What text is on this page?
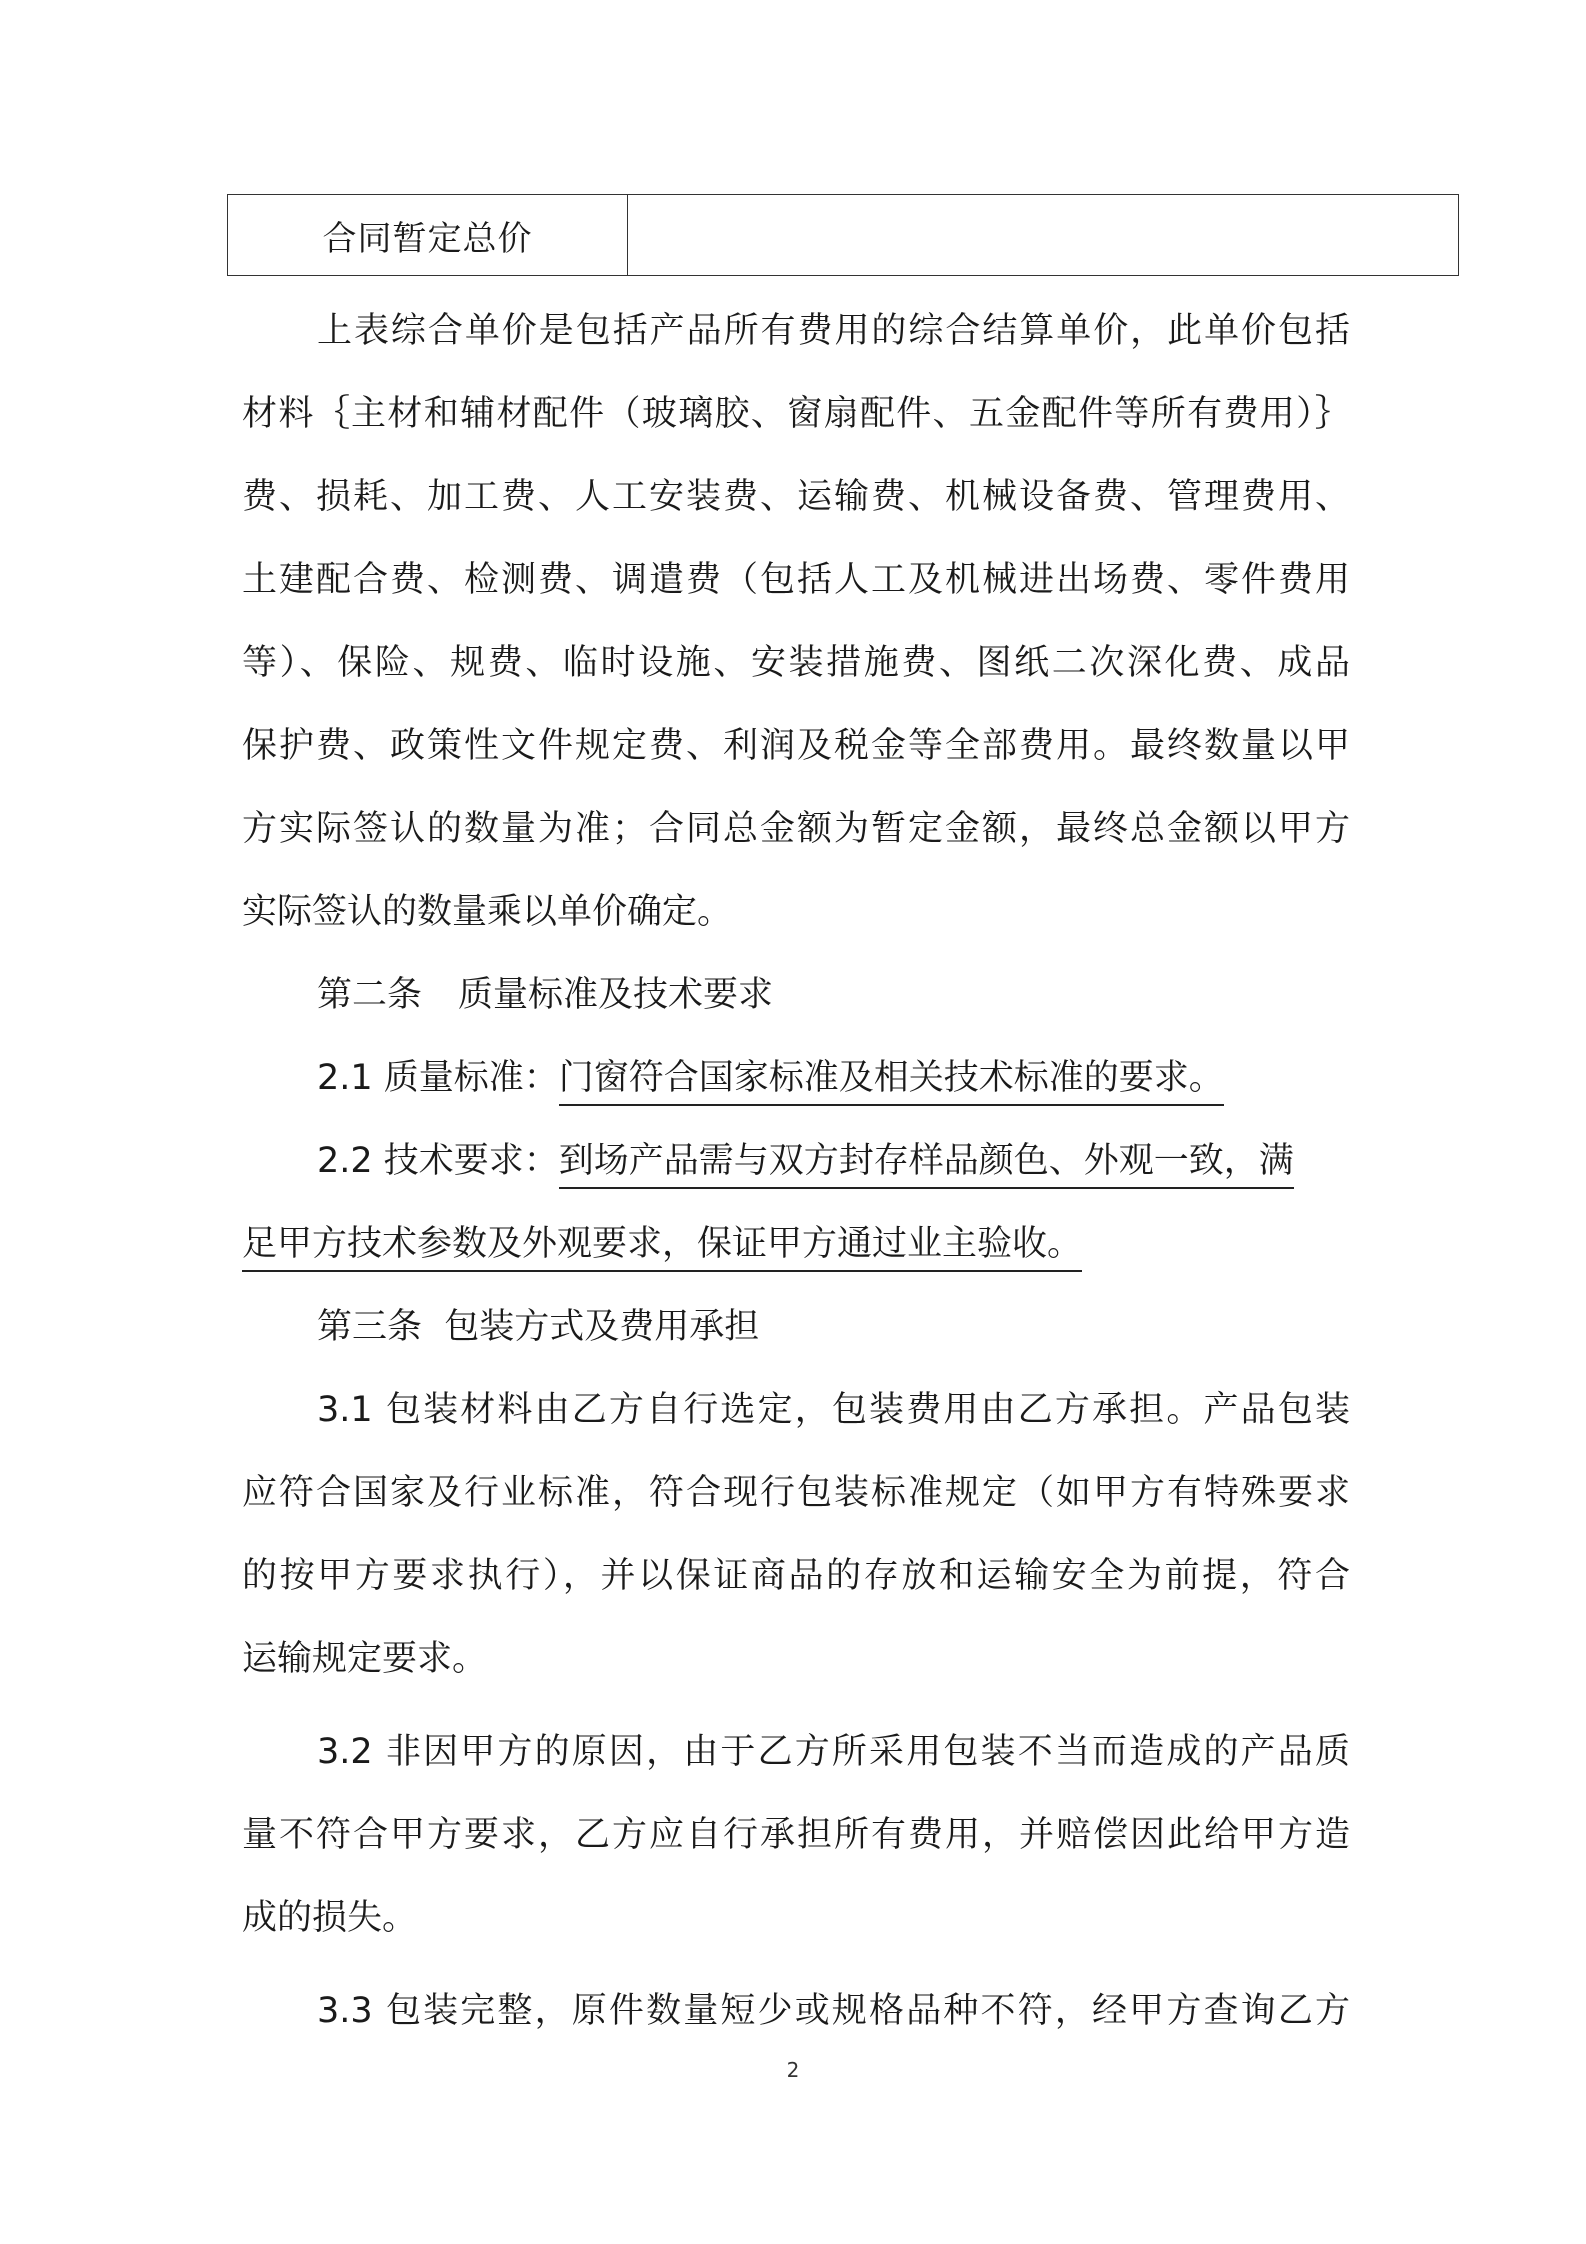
合同暂定总价

上表综合单价是包括产品所有费用的综合结算单价，此单价包括

材料｛主材和辅材配件（玻璃胶、窗扇配件、五金配件等所有费用）｝

费、损耗、加工费、人工安装费、运输费、机械设备费、管理费用、

土建配合费、检测费、调遣费（包括人工及机械进出场费、零件费用

等）、保险、规费、临时设施、安装措施费、图纸二次深化费、成品

保护费、政策性文件规定费、利润及税金等全部费用。最终数量以甲

方实际签认的数量为准；合同总金额为暂定金额，最终总金额以甲方

实际签认的数量乘以单价确定。

第二条 质量标准及技术要求

2.1 质量标准：门窗符合国家标准及相关技术标准的要求。

2.2 技术要求：到场产品需与双方封存样品颜色、外观一致，满

足甲方技术参数及外观要求，保证甲方通过业主验收。

第三条  包装方式及费用承担

3.1 包装材料由乙方自行选定，包装费用由乙方承担。产品包装

应符合国家及行业标准，符合现行包装标准规定（如甲方有特殊要求

的按甲方要求执行），并以保证商品的存放和运输安全为前提，符合

运输规定要求。

3.2 非因甲方的原因，由于乙方所采用包装不当而造成的产品质

量不符合甲方要求，乙方应自行承担所有费用，并赔偿因此给甲方造

成的损失。

3.3 包装完整，原件数量短少或规格品种不符，经甲方查询乙方

2
